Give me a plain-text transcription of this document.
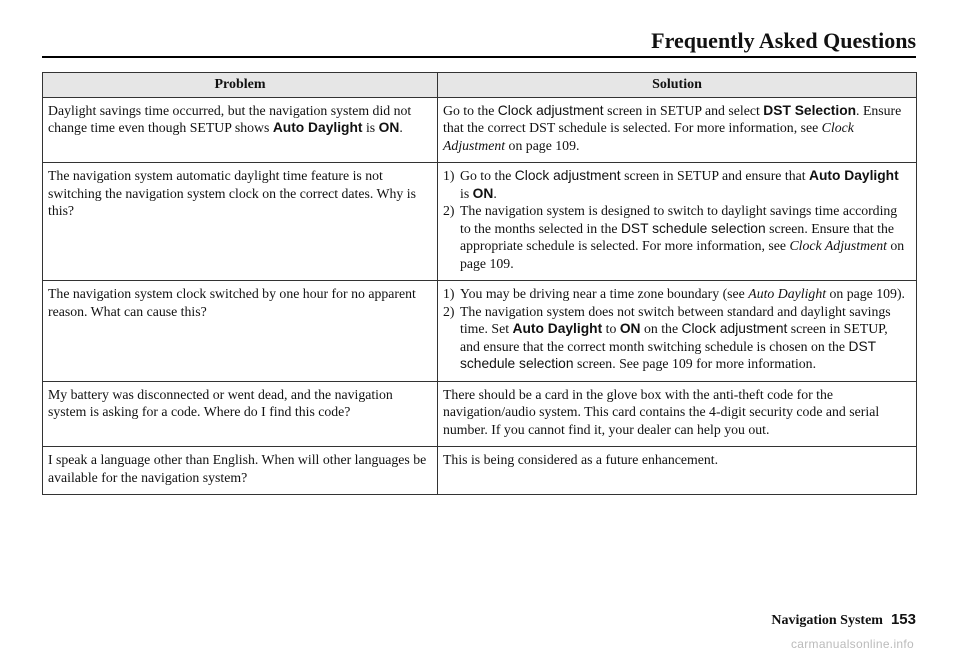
Frequently Asked Questions
Problem	Solution
Daylight savings time occurred, but the navigation system did not change time even though SETUP shows Auto Daylight is ON.	Go to the Clock adjustment screen in SETUP and select DST Selection. Ensure that the correct DST schedule is selected. For more information, see Clock Adjustment on page 109.
The navigation system automatic daylight time feature is not switching the navigation system clock on the correct dates. Why is this?	1) Go to the Clock adjustment screen in SETUP and ensure that Auto Daylight is ON.
2) The navigation system is designed to switch to daylight savings time according to the months selected in the DST schedule selection screen. Ensure that the appropriate schedule is selected. For more information, see Clock Adjustment on page 109.

The navigation system clock switched by one hour for no apparent reason. What can cause this?	1) You may be driving near a time zone boundary (see Auto Daylight on page 109).
2) The navigation system does not switch between standard and daylight savings time. Set Auto Daylight to ON on the Clock adjustment screen in SETUP, and ensure that the correct month switching schedule is chosen on the DST schedule selection screen. See page 109 for more information.

My battery was disconnected or went dead, and the navigation system is asking for a code. Where do I find this code?	There should be a card in the glove box with the anti-theft code for the navigation/audio system. This card contains the 4-digit security code and serial number. If you cannot find it, your dealer can help you out.
I speak a language other than English. When will other languages be available for the navigation system?	This is being considered as a future enhancement.
Navigation System 153
carmanualsonline.info
